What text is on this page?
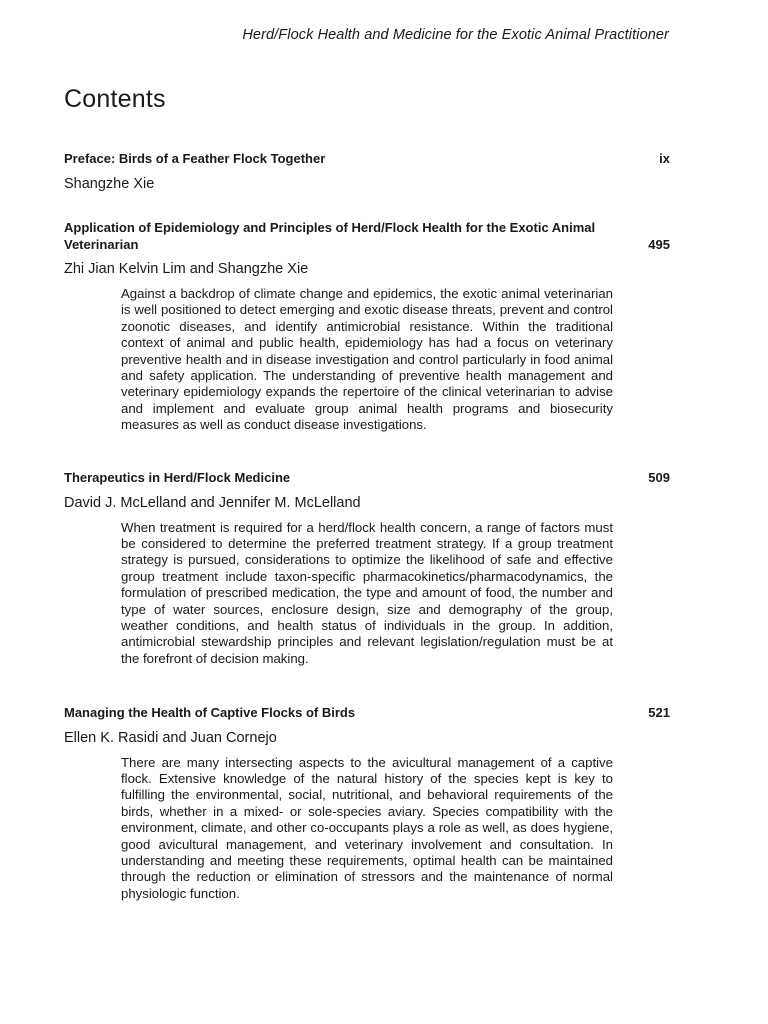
Herd/Flock Health and Medicine for the Exotic Animal Practitioner
Contents
Preface: Birds of a Feather Flock Together	ix
Shangzhe Xie
Application of Epidemiology and Principles of Herd/Flock Health for the Exotic Animal Veterinarian	495
Zhi Jian Kelvin Lim and Shangzhe Xie
Against a backdrop of climate change and epidemics, the exotic animal veterinarian is well positioned to detect emerging and exotic disease threats, prevent and control zoonotic diseases, and identify antimicrobial resistance. Within the traditional context of animal and public health, epidemiology has had a focus on veterinary preventive health and in disease investigation and control particularly in food animal and safety application. The understanding of preventive health management and veterinary epidemiology expands the repertoire of the clinical veterinarian to advise and implement and evaluate group animal health programs and biosecurity measures as well as conduct disease investigations.
Therapeutics in Herd/Flock Medicine	509
David J. McLelland and Jennifer M. McLelland
When treatment is required for a herd/flock health concern, a range of factors must be considered to determine the preferred treatment strategy. If a group treatment strategy is pursued, considerations to optimize the likelihood of safe and effective group treatment include taxon-specific pharmacokinetics/pharmacodynamics, the formulation of prescribed medication, the type and amount of food, the number and type of water sources, enclosure design, size and demography of the group, weather conditions, and health status of individuals in the group. In addition, antimicrobial stewardship principles and relevant legislation/regulation must be at the forefront of decision making.
Managing the Health of Captive Flocks of Birds	521
Ellen K. Rasidi and Juan Cornejo
There are many intersecting aspects to the avicultural management of a captive flock. Extensive knowledge of the natural history of the species kept is key to fulfilling the environmental, social, nutritional, and behavioral requirements of the birds, whether in a mixed- or sole-species aviary. Species compatibility with the environment, climate, and other co-occupants plays a role as well, as does hygiene, good avicultural management, and veterinary involvement and consultation. In understanding and meeting these requirements, optimal health can be maintained through the reduction or elimination of stressors and the maintenance of normal physiologic function.
